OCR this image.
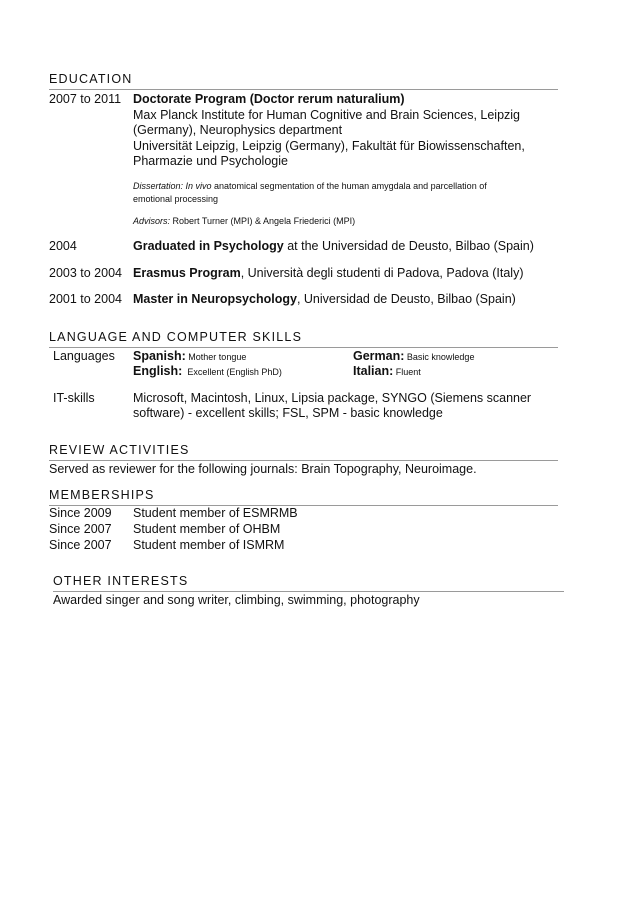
EDUCATION
2007 to 2011 Doctorate Program (Doctor rerum naturalium)
Max Planck Institute for Human Cognitive and Brain Sciences, Leipzig
(Germany), Neurophysics department
Universität Leipzig, Leipzig (Germany), Fakultät für Biowissenschaften,
Pharmazie und Psychologie
Dissertation: In vivo anatomical segmentation of the human amygdala and parcellation of
emotional processing
Advisors: Robert Turner (MPI) & Angela Friederici (MPI)
2004	Graduated in Psychology at the Universidad de Deusto, Bilbao (Spain)
2003 to 2004 Erasmus Program, Università degli studenti di Padova, Padova (Italy)
2001 to 2004 Master in Neuropsychology, Universidad de Deusto, Bilbao (Spain)
LANGUAGE AND COMPUTER SKILLS
Languages Spanish: Mother tongue	German: Basic knowledge
English:  Excellent (English PhD)	Italian: Fluent
IT-skills	Microsoft, Macintosh, Linux, Lipsia package, SYNGO (Siemens scanner
software) - excellent skills; FSL, SPM - basic knowledge
REVIEW ACTIVITIES
Served as reviewer for the following journals: Brain Topography, Neuroimage.
MEMBERSHIPS
Since 2009 Student member of ESMRMB
Since 2007 Student member of OHBM
Since 2007 Student member of ISMRM
OTHER INTERESTS
Awarded singer and song writer, climbing, swimming, photography
